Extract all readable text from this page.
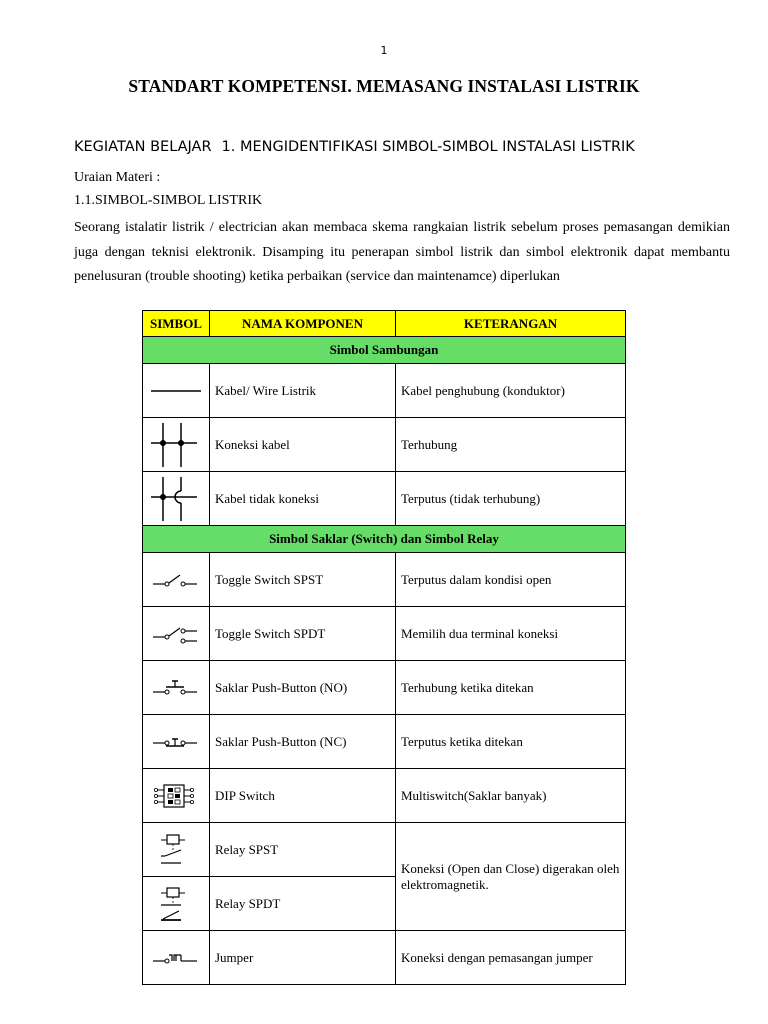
1
STANDART KOMPETENSI. MEMASANG INSTALASI LISTRIK
KEGIATAN BELAJAR 1. MENGIDENTIFIKASI SIMBOL-SIMBOL INSTALASI LISTRIK
Uraian Materi :
1.1.SIMBOL-SIMBOL LISTRIK
Seorang istalatir listrik / electrician akan membaca skema rangkaian listrik sebelum proses pemasangan demikian juga dengan teknisi elektronik. Disamping itu penerapan simbol listrik dan simbol elektronik dapat membantu penelusuran (trouble shooting) ketika perbaikan (service dan maintenamce) diperlukan
SIMBOL	NAMA KOMPONEN	KETERANGAN
Simbol Sambungan		

	Kabel/ Wire Listrik	Kabel penghubung (konduktor)

	Koneksi kabel	Terhubung

	Kabel tidak koneksi	Terputus (tidak terhubung)
Simbol Saklar (Switch) dan Simbol Relay		

	Toggle Switch SPST	Terputus dalam kondisi open

	Toggle Switch SPDT	Memilih dua terminal koneksi

	Saklar Push-Button (NO)	Terhubung ketika ditekan

	Saklar Push-Button (NC)	Terputus ketika ditekan

	DIP Switch	Multiswitch(Saklar banyak)

	Relay SPST	Koneksi (Open dan Close) digerakan oleh elektromagnetik.

	Relay SPDT	

	Jumper	Koneksi dengan pemasangan jumper
